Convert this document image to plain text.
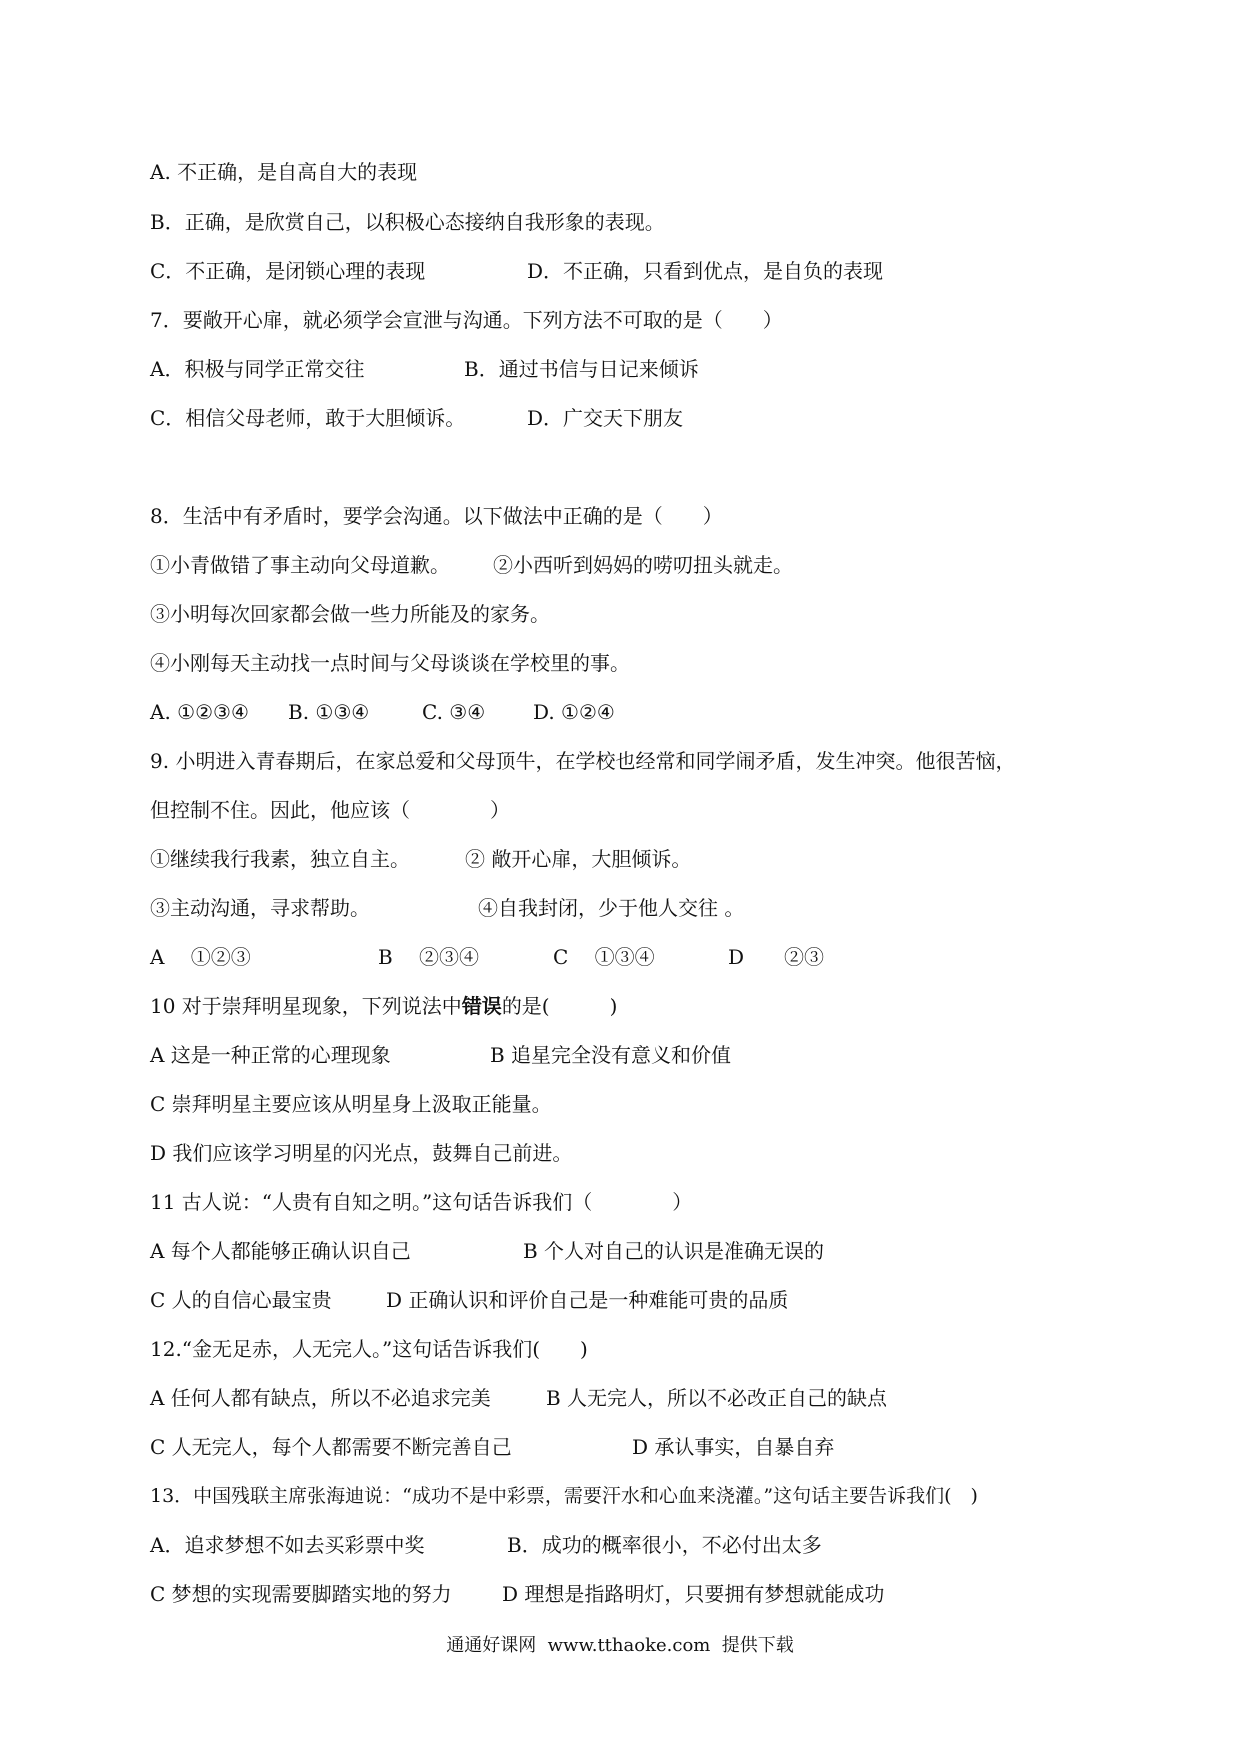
A. 不正确，是自高自大的表现
B．正确，是欣赏自己，以积极心态接纳自我形象的表现。
C．不正确，是闭锁心理的表现	D．不正确，只看到优点，是自负的表现
7．要敞开心扉，就必须学会宣泄与沟通。下列方法不可取的是（　　）
A．积极与同学正常交往	B．通过书信与日记来倾诉
C．相信父母老师，敢于大胆倾诉。	D．广交天下朋友
8．生活中有矛盾时，要学会沟通。以下做法中正确的是（　　）
①小青做错了事主动向父母道歉。 ②小西听到妈妈的唠叨扭头就走。
③小明每次回家都会做一些力所能及的家务。
④小刚每天主动找一点时间与父母谈谈在学校里的事。
A. ①②③④ B. ①③④	C. ③④ D. ①②④
9. 小明进入青春期后，在家总爱和父母顶牛，在学校也经常和同学闹矛盾，发生冲突。他很苦恼，
但控制不住。因此，他应该（　　　　）
①继续我行我素，独立自主。	② 敞开心扉，大胆倾诉。
③主动沟通，寻求帮助。	④自我封闭，少于他人交往 。
A　 ①②③	B　 ②③④	C　 ①③④	D　　②③
10 对于崇拜明星现象，下列说法中错误的是(　　　)
A 这是一种正常的心理现象	B 追星完全没有意义和价值
C 崇拜明星主要应该从明星身上汲取正能量。
D 我们应该学习明星的闪光点，鼓舞自己前进。
11 古人说：“人贵有自知之明。”这句话告诉我们（　　　　）
A 每个人都能够正确认识自己	B 个人对自己的认识是准确无误的
C 人的自信心最宝贵	D 正确认识和评价自己是一种难能可贵的品质
12.“金无足赤，人无完人。”这句话告诉我们(　　)
A 任何人都有缺点，所以不必追求完美	B 人无完人，所以不必改正自己的缺点
C 人无完人，每个人都需要不断完善自己	D 承认事实，自暴自弃
13．中国残联主席张海迪说：“成功不是中彩票，需要汗水和心血来浇灌。”这句话主要告诉我们(　)
A．追求梦想不如去买彩票中奖	B．成功的概率很小，不必付出太多
C 梦想的实现需要脚踏实地的努力	D 理想是指路明灯，只要拥有梦想就能成功
通通好课网  www.tthaoke.com  提供下载
